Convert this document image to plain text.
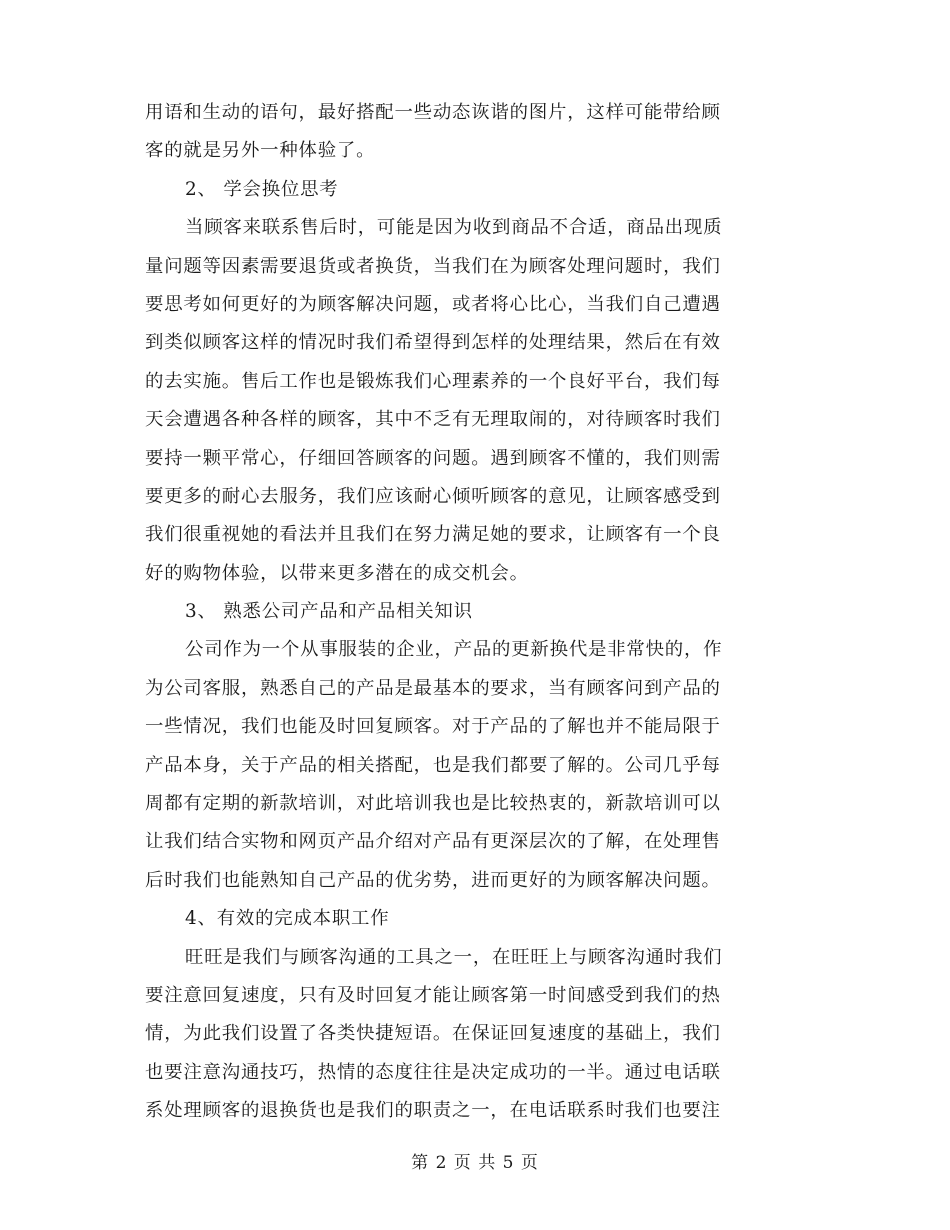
用语和生动的语句，最好搭配一些动态诙谐的图片，这样可能带给顾
客的就是另外一种体验了。
2、 学会换位思考
当顾客来联系售后时，可能是因为收到商品不合适，商品出现质
量问题等因素需要退货或者换货，当我们在为顾客处理问题时，我们
要思考如何更好的为顾客解决问题，或者将心比心，当我们自己遭遇
到类似顾客这样的情况时我们希望得到怎样的处理结果，然后在有效
的去实施。售后工作也是锻炼我们心理素养的一个良好平台，我们每
天会遭遇各种各样的顾客，其中不乏有无理取闹的，对待顾客时我们
要持一颗平常心，仔细回答顾客的问题。遇到顾客不懂的，我们则需
要更多的耐心去服务，我们应该耐心倾听顾客的意见，让顾客感受到
我们很重视她的看法并且我们在努力满足她的要求，让顾客有一个良
好的购物体验，以带来更多潜在的成交机会。
3、 熟悉公司产品和产品相关知识
公司作为一个从事服装的企业，产品的更新换代是非常快的，作
为公司客服，熟悉自己的产品是最基本的要求，当有顾客问到产品的
一些情况，我们也能及时回复顾客。对于产品的了解也并不能局限于
产品本身，关于产品的相关搭配，也是我们都要了解的。公司几乎每
周都有定期的新款培训，对此培训我也是比较热衷的，新款培训可以
让我们结合实物和网页产品介绍对产品有更深层次的了解，在处理售
后时我们也能熟知自己产品的优劣势，进而更好的为顾客解决问题。
4、有效的完成本职工作
旺旺是我们与顾客沟通的工具之一，在旺旺上与顾客沟通时我们
要注意回复速度，只有及时回复才能让顾客第一时间感受到我们的热
情，为此我们设置了各类快捷短语。在保证回复速度的基础上，我们
也要注意沟通技巧，热情的态度往往是决定成功的一半。通过电话联
系处理顾客的退换货也是我们的职责之一，在电话联系时我们也要注
第 2 页 共 5 页
